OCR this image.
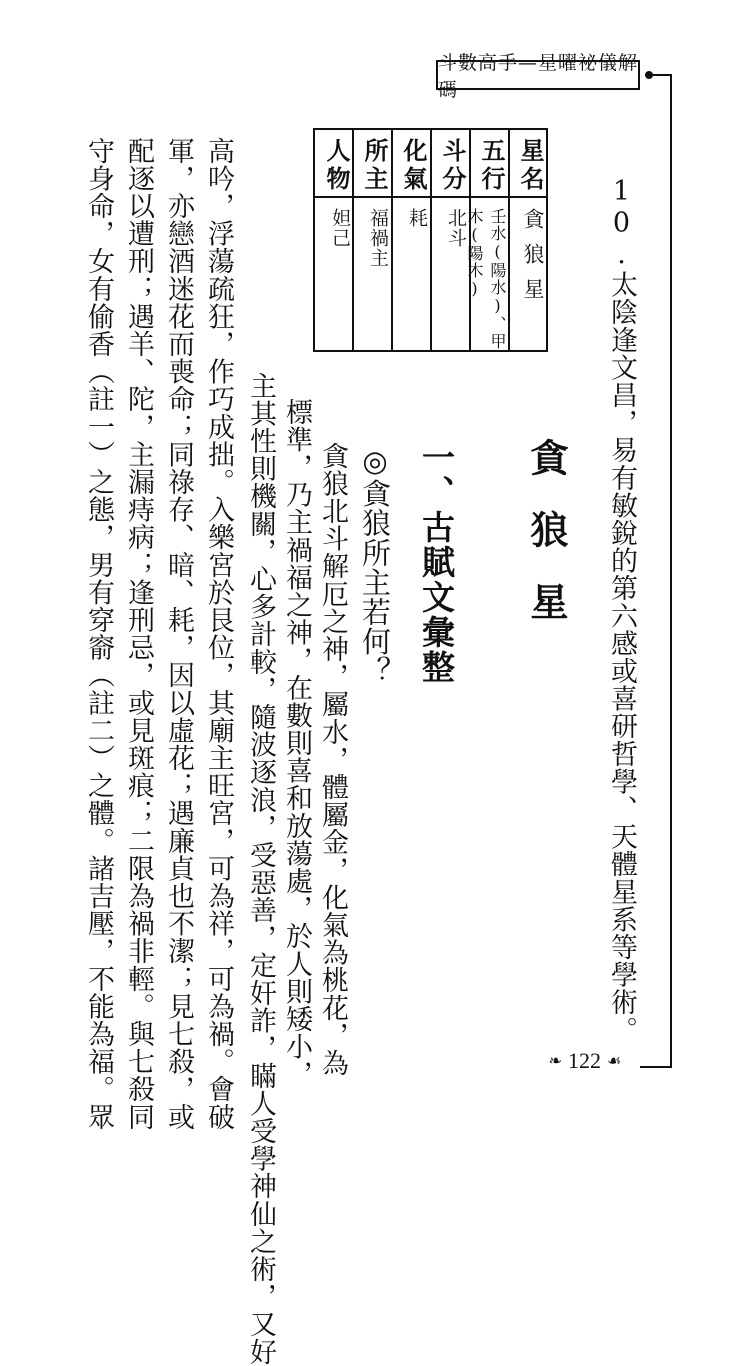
斗數高手—星曜祕儀解碼
10.太陰逢文昌，易有敏銳的第六感或喜研哲學、天體星系等學術。
星名
貪狼星
五行
壬水(陽水)、甲木(陽木)
斗分
北斗
化氣
耗
所主
福禍主
人物
妲己
貪狼星
一、古賦文彙整
◎貪狼所主若何？
貪狼北斗解厄之神，屬水，體屬金，化氣為桃花，為
標準，乃主禍福之神，在數則喜和放蕩處，於人則矮小，
主其性則機關，心多計較，隨波逐浪，受惡善，定奸詐，瞞人受學神仙之術，又好
高吟，浮蕩疏狂，作巧成拙。入樂宮於艮位，其廟主旺宮，可為祥，可為禍。會破
軍，亦戀酒迷花而喪命；同祿存、暗、耗，因以虛花；遇廉貞也不潔；見七殺，或
配逐以遭刑；遇羊、陀，主漏痔病；逢刑忌，或見斑痕；二限為禍非輕。與七殺同
守身命，女有偷香（註一）之態，男有穿窬（註二）之體。諸吉壓，不能為福。眾	❧ 122 ☙
